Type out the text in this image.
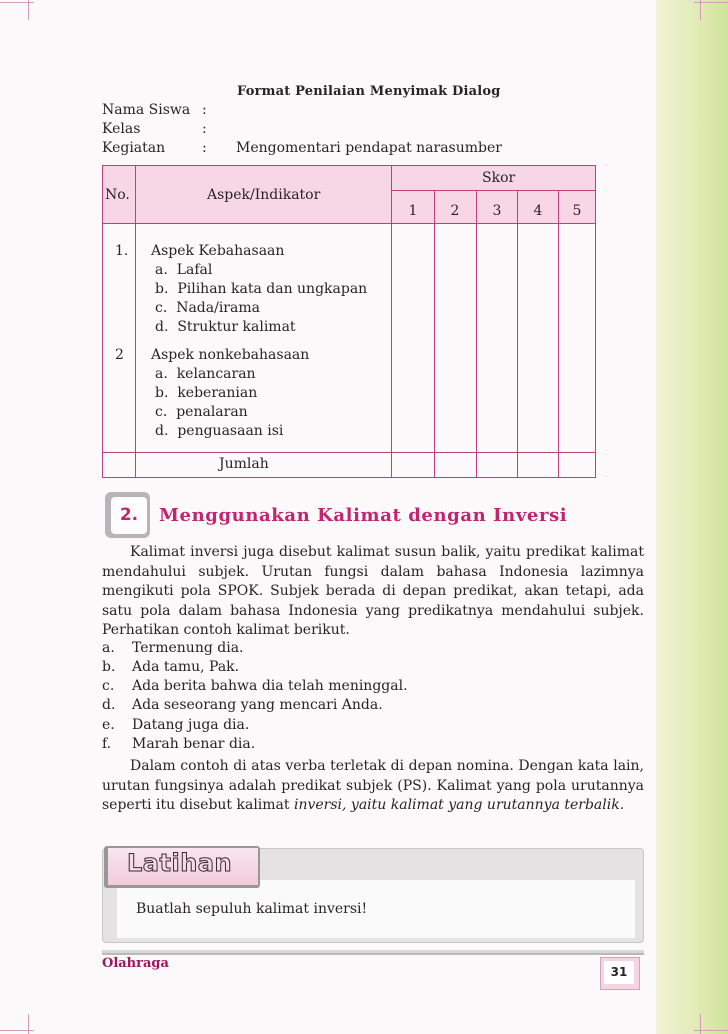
Format Penilaian Menyimak Dialog
Nama Siswa :
Kelas	:
Kegiatan	: Mengomentari pendapat narasumber
No.	Aspek/Indikator
Skor
1	2	3	4	5
1. Aspek Kebahasaan
a. Lafal
b. Pilihan kata dan ungkapan
c. Nada/irama
d. Struktur kalimat
2 Aspek nonkebahasaan
a. kelancaran
b. keberanian
c. penalaran
d. penguasaan isi
Jumlah
2.	Menggunakan Kalimat dengan Inversi
Kalimat inversi juga disebut kalimat susun balik, yaitu predikat kalimat mendahului subjek. Urutan fungsi dalam bahasa Indonesia lazimnya mengikuti pola SPOK. Subjek berada di depan predikat, akan tetapi, ada satu pola dalam bahasa Indonesia yang predikatnya mendahului subjek. Perhatikan contoh kalimat berikut.
a. Termenung dia.
b. Ada tamu, Pak.
c. Ada berita bahwa dia telah meninggal.
d. Ada seseorang yang mencari Anda.
e. Datang juga dia.
f. Marah benar dia.
Dalam contoh di atas verba terletak di depan nomina. Dengan kata lain, urutan fungsinya adalah predikat subjek (PS). Kalimat yang pola urutannya seperti itu disebut kalimat inversi, yaitu kalimat yang urutannya terbalik.
Latihan
Buatlah sepuluh kalimat inversi!
Olahraga
31
